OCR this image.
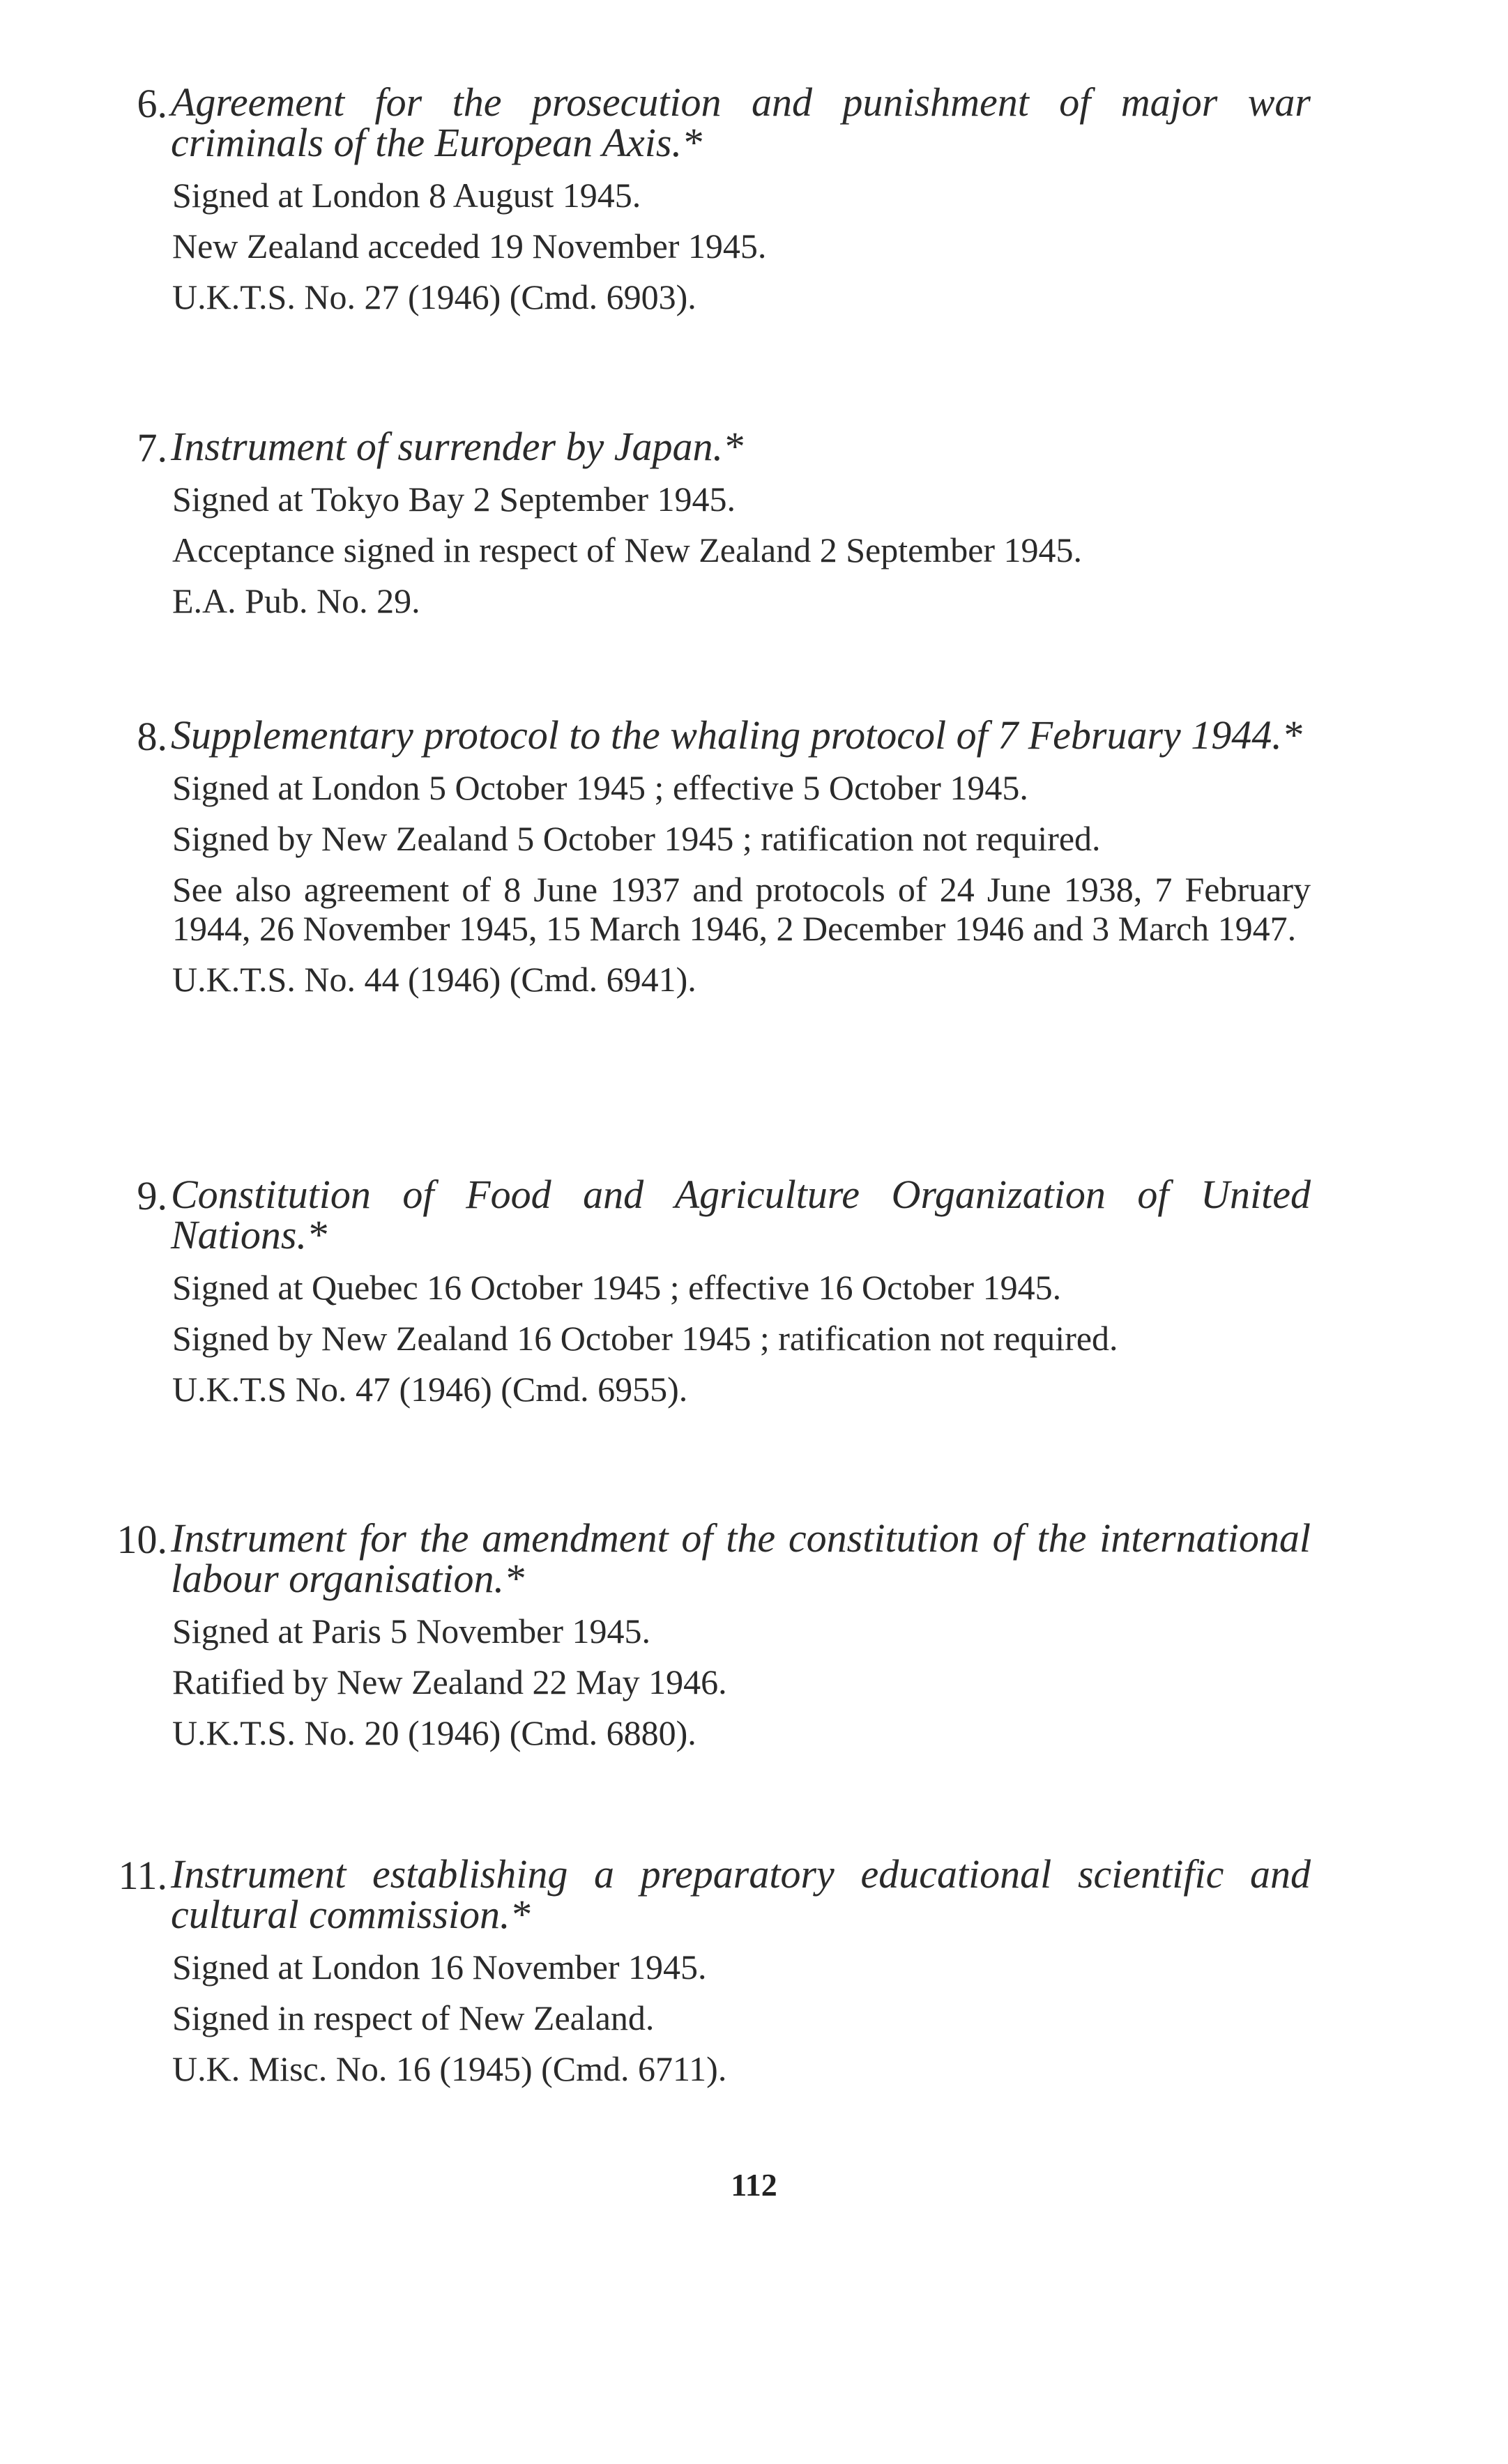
6. Agreement for the prosecution and punishment of major war criminals of the European Axis.*
Signed at London 8 August 1945.
New Zealand acceded 19 November 1945.
U.K.T.S. No. 27 (1946) (Cmd. 6903).
7. Instrument of surrender by Japan.*
Signed at Tokyo Bay 2 September 1945.
Acceptance signed in respect of New Zealand 2 September 1945.
E.A. Pub. No. 29.
8. Supplementary protocol to the whaling protocol of 7 February 1944.*
Signed at London 5 October 1945 ; effective 5 October 1945.
Signed by New Zealand 5 October 1945 ; ratification not required.
See also agreement of 8 June 1937 and protocols of 24 June 1938, 7 February 1944, 26 November 1945, 15 March 1946, 2 December 1946 and 3 March 1947.
U.K.T.S. No. 44 (1946) (Cmd. 6941).
9. Constitution of Food and Agriculture Organization of United Nations.*
Signed at Quebec 16 October 1945 ; effective 16 October 1945.
Signed by New Zealand 16 October 1945 ; ratification not required.
U.K.T.S No. 47 (1946) (Cmd. 6955).
10. Instrument for the amendment of the constitution of the international labour organisation.*
Signed at Paris 5 November 1945.
Ratified by New Zealand 22 May 1946.
U.K.T.S. No. 20 (1946) (Cmd. 6880).
11. Instrument establishing a preparatory educational scientific and cultural commission.*
Signed at London 16 November 1945.
Signed in respect of New Zealand.
U.K. Misc. No. 16 (1945) (Cmd. 6711).
112
